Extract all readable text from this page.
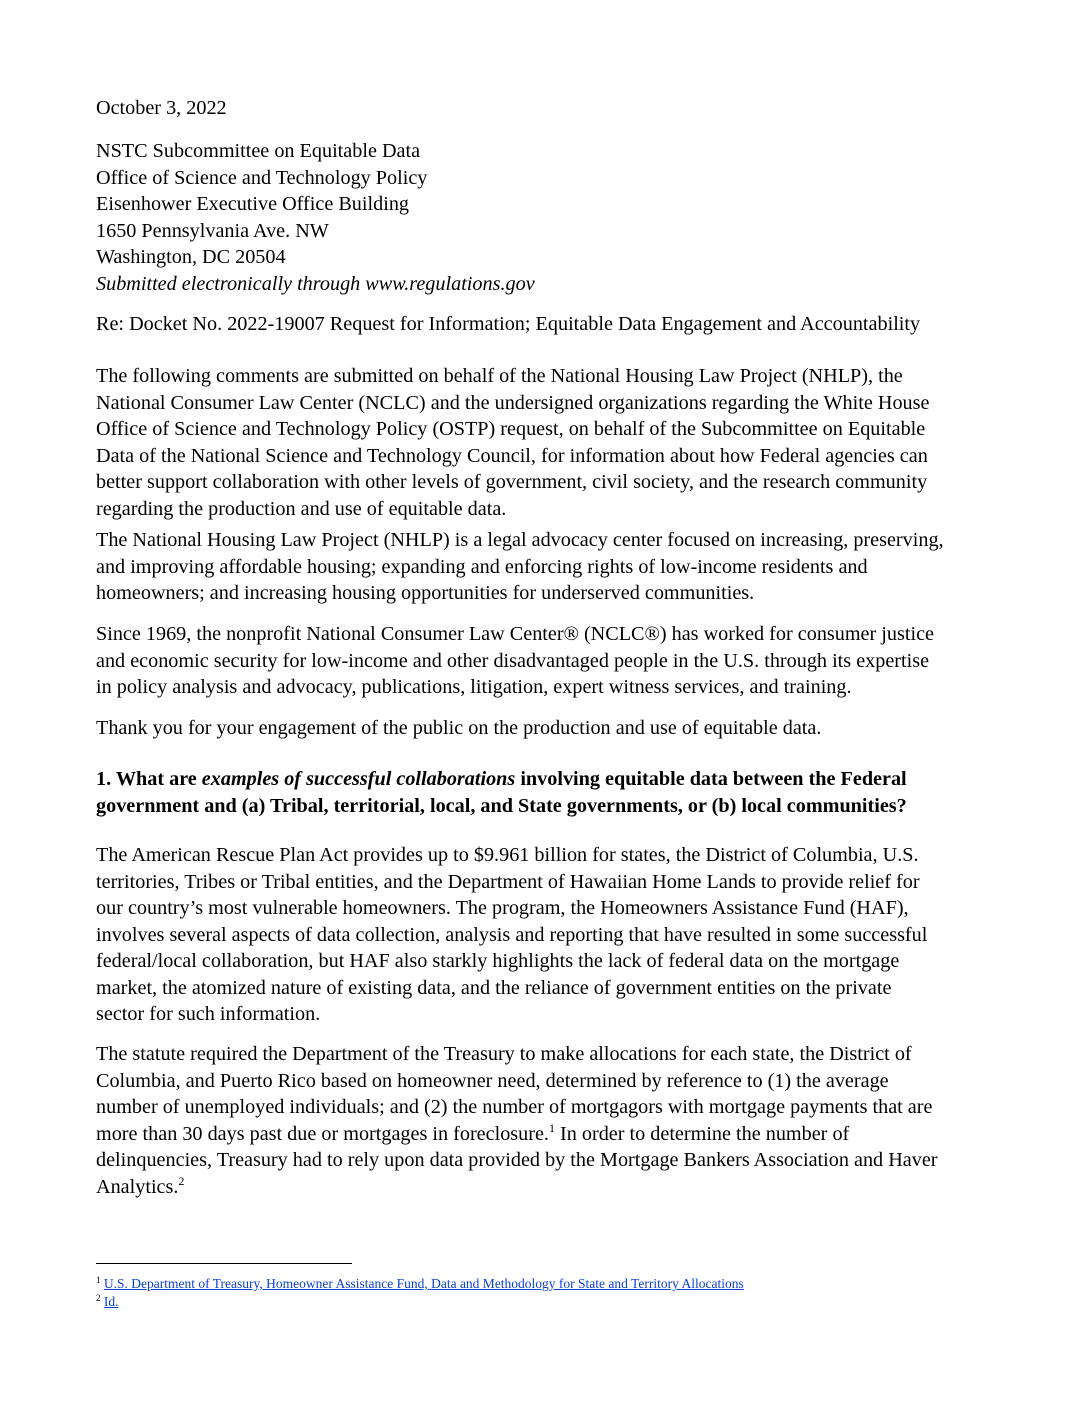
October 3, 2022
NSTC Subcommittee on Equitable Data
Office of Science and Technology Policy
Eisenhower Executive Office Building
1650 Pennsylvania Ave. NW
Washington, DC 20504
Submitted electronically through www.regulations.gov
Re: Docket No. 2022-19007 Request for Information; Equitable Data Engagement and Accountability
The following comments are submitted on behalf of the National Housing Law Project (NHLP), the
National Consumer Law Center (NCLC) and the undersigned organizations regarding the White House
Office of Science and Technology Policy (OSTP) request, on behalf of the Subcommittee on Equitable
Data of the National Science and Technology Council, for information about how Federal agencies can
better support collaboration with other levels of government, civil society, and the research community
regarding the production and use of equitable data.
The National Housing Law Project (NHLP) is a legal advocacy center focused on increasing, preserving,
and improving affordable housing; expanding and enforcing rights of low-income residents and
homeowners; and increasing housing opportunities for underserved communities.
Since 1969, the nonprofit National Consumer Law Center® (NCLC®) has worked for consumer justice
and economic security for low-income and other disadvantaged people in the U.S. through its expertise
in policy analysis and advocacy, publications, litigation, expert witness services, and training.
Thank you for your engagement of the public on the production and use of equitable data.
1. What are examples of successful collaborations involving equitable data between the Federal
government and (a) Tribal, territorial, local, and State governments, or (b) local communities?
The American Rescue Plan Act provides up to $9.961 billion for states, the District of Columbia, U.S.
territories, Tribes or Tribal entities, and the Department of Hawaiian Home Lands to provide relief for
our country’s most vulnerable homeowners. The program, the Homeowners Assistance Fund (HAF),
involves several aspects of data collection, analysis and reporting that have resulted in some successful
federal/local collaboration, but HAF also starkly highlights the lack of federal data on the mortgage
market, the atomized nature of existing data, and the reliance of government entities on the private
sector for such information.
The statute required the Department of the Treasury to make allocations for each state, the District of
Columbia, and Puerto Rico based on homeowner need, determined by reference to (1) the average
number of unemployed individuals; and (2) the number of mortgagors with mortgage payments that are
more than 30 days past due or mortgages in foreclosure.$^1$ In order to determine the number of
delinquencies, Treasury had to rely upon data provided by the Mortgage Bankers Association and Haver
Analytics.$^2$
$^1$ U.S. Department of Treasury, Homeowner Assistance Fund, Data and Methodology for State and Territory Allocations
$^2$ Id.
